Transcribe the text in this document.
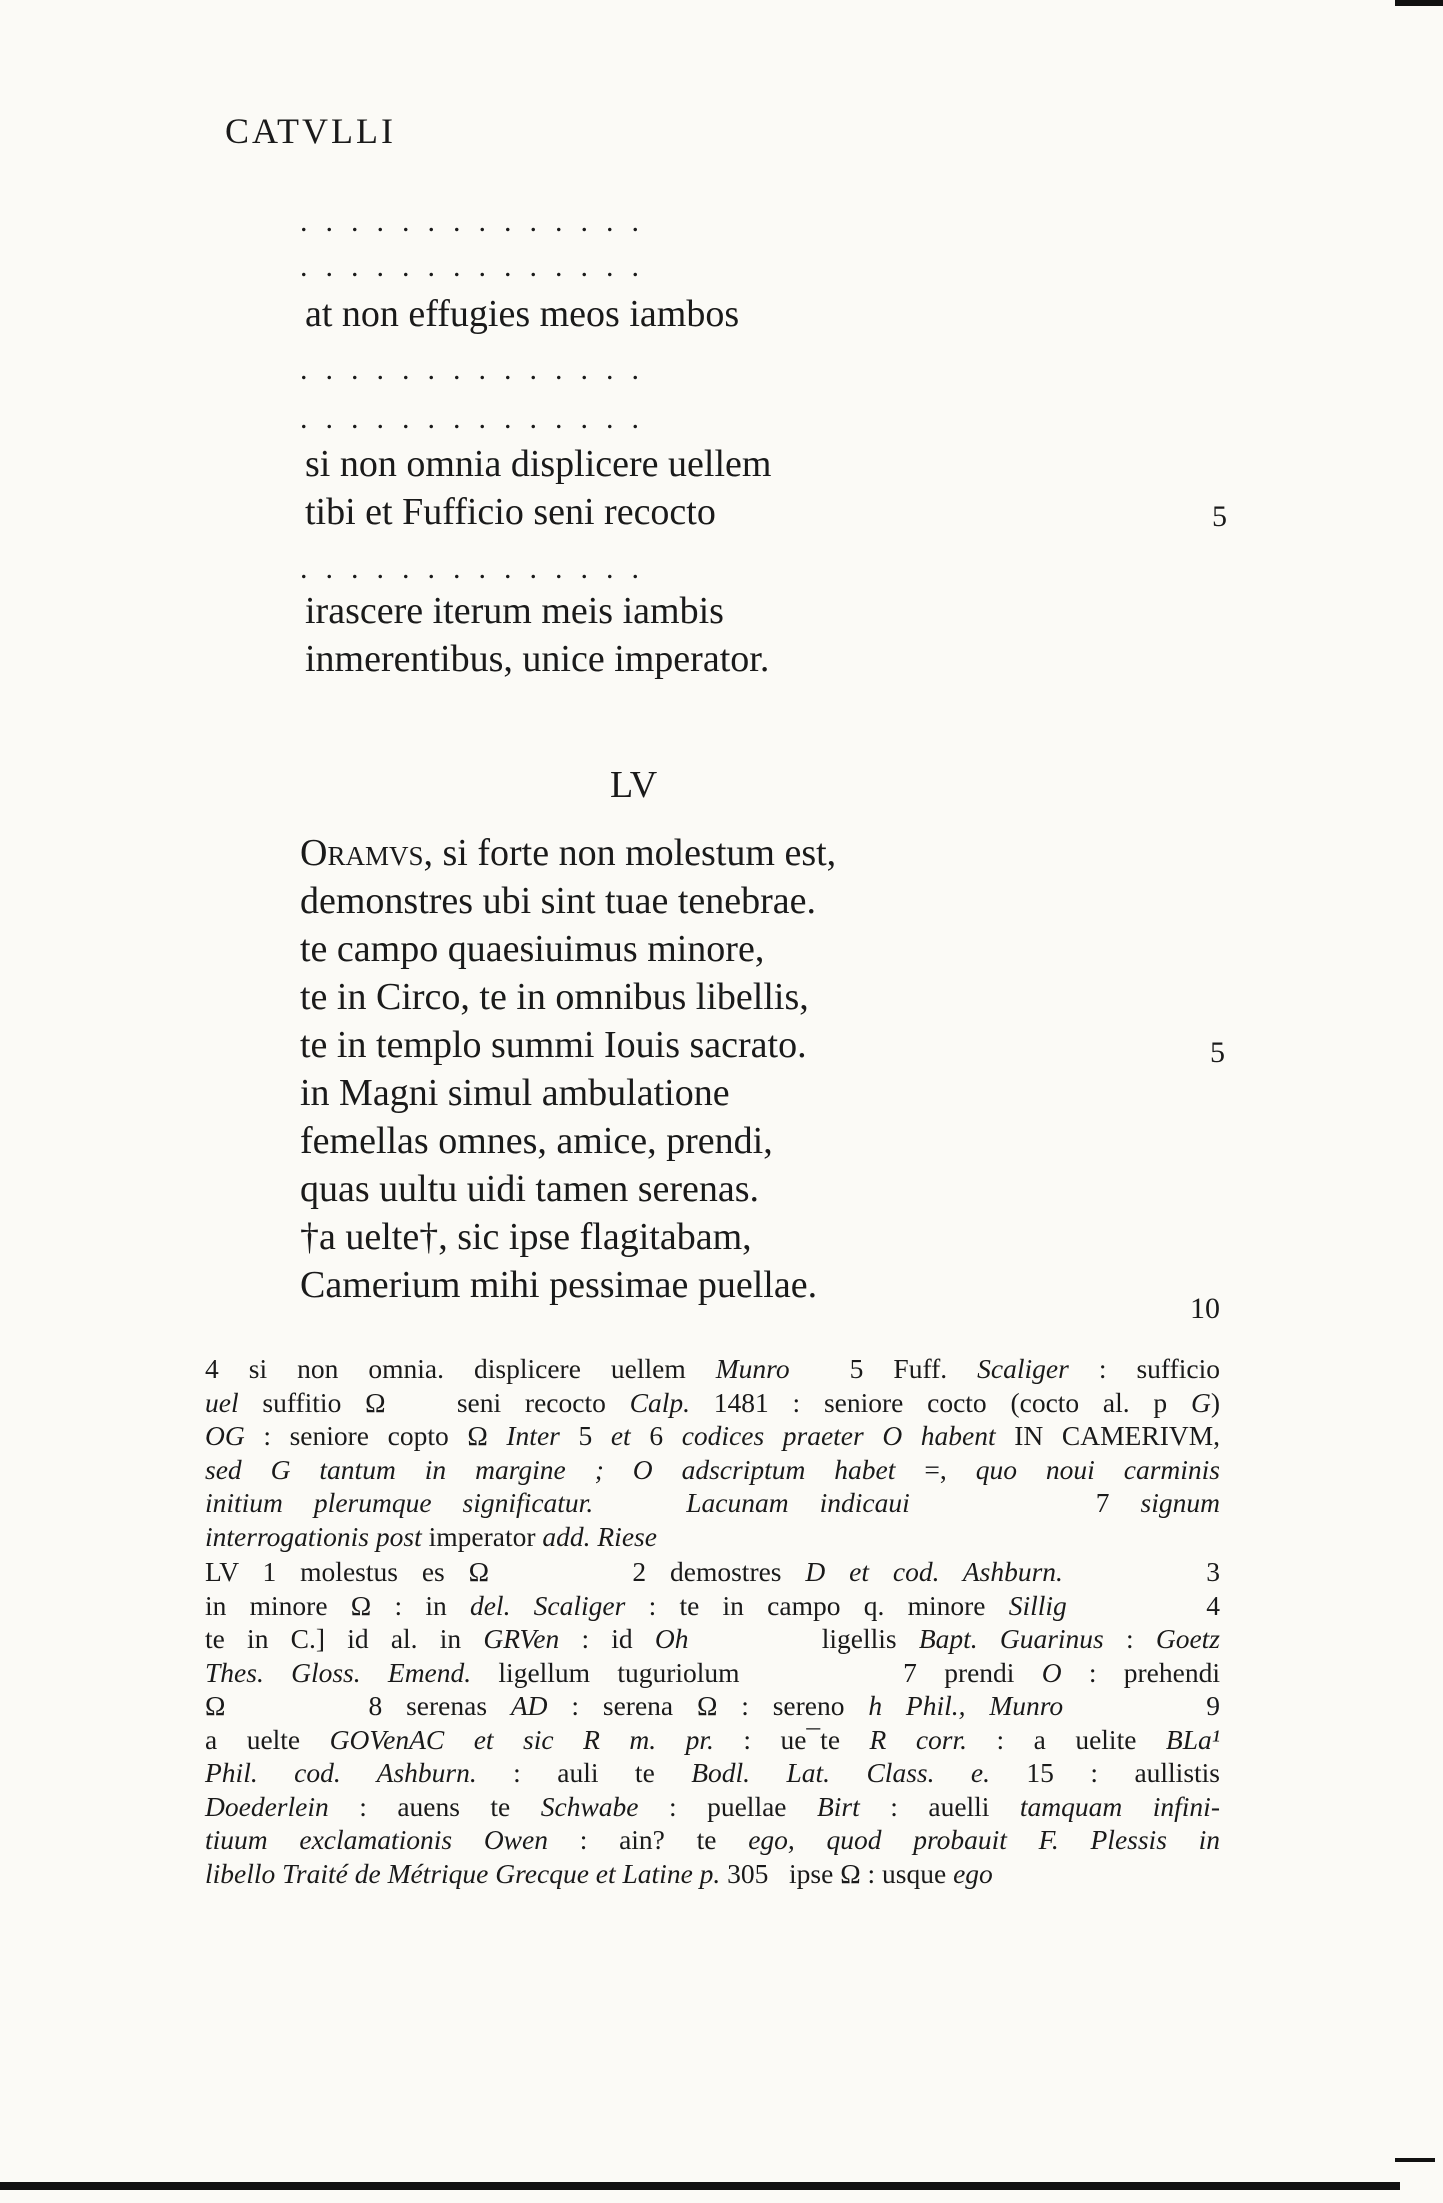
CATVLLI
..............
..............
at non effugies meos iambos
..............
..............
si non omnia displicere uellem
tibi et Fufficio seni recocto	5
..............
irascere iterum meis iambis
inmerentibus, unice imperator.
LV
Oramvs, si forte non molestum est,
demonstres ubi sint tuae tenebrae.
te campo quaesiuimus minore,
te in Circo, te in omnibus libellis,
te in templo summi Iouis sacrato.	5
in Magni simul ambulatione
femellas omnes, amice, prendi,
quas uultu uidi tamen serenas.
†a uelte†, sic ipse flagitabam,
Camerium mihi pessimae puellae.
10
4 si non omnia. displicere uellem Munro  5 Fuff. Scaliger : sufficio
uel suffitio Ω   seni recocto Calp. 1481 : seniore cocto (cocto al. p G)
OG : seniore copto Ω Inter 5 et 6 codices praeter O habent IN CAMERIVM,
sed G tantum in margine ; O adscriptum habet =, quo noui carminis
initium plerumque significatur.   Lacunam indicaui      7 signum
interrogationis post imperator add. Riese
LV 1 molestus es Ω      2 demostres D et cod. Ashburn.      3
in minore Ω : in del. Scaliger : te in campo q. minore Sillig      4
te in C.] id al. in GRVen : id Oh      ligellis Bapt. Guarinus : Goetz
Thes. Gloss. Emend. ligellum tuguriolum      7 prendi O : prehendi
Ω      8 serenas AD : serena Ω : sereno h Phil., Munro      9
a uelte GOVenAC et sic R m. pr. : ue¯te R corr. : a uelite BLa¹
Phil. cod. Ashburn. : auli te Bodl. Lat. Class. e. 15 : aullistis
Doederlein : auens te Schwabe : puellae Birt : auelli tamquam infini-
tiuum exclamationis Owen : ain? te ego, quod probauit F. Plessis in
libello Traité de Métrique Grecque et Latine p. 305   ipse Ω : usque ego
